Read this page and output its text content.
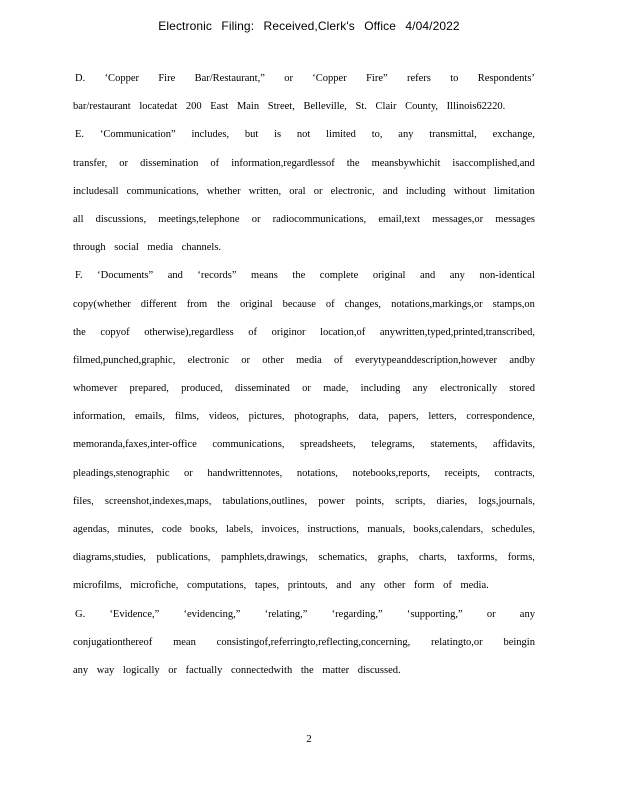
Electronic Filing: Received,Clerk's Office 4/04/2022
D. ‘Copper Fire Bar/Restaurant,” or ‘Copper Fire” refers to Respondents’
bar/restaurant locatedat 200 East Main Street, Belleville, St. Clair County, Illinois62220.
E. ‘Communication” includes, but is not limited to, any transmittal, exchange,
transfer, or dissemination of information,regardlessof the meansbywhichit isaccomplished,and
includesall communications, whether written, oral or electronic, and including without limitation
all discussions, meetings,telephone or radiocommunications, email,text messages,or messages
through social media channels.
F. ‘Documents” and ‘records” means the complete original and any non-identical
copy(whether different from the original because of changes, notations,markings,or stamps,on
the copyof otherwise),regardless of originor location,of anywritten,typed,printed,transcribed,
filmed,punched,graphic, electronic or other media of everytypeanddescription,however andby
whomever prepared, produced, disseminated or made, including any electronically stored
information, emails, films, videos, pictures, photographs, data, papers, letters, correspondence,
memoranda,faxes,inter-office communications, spreadsheets, telegrams, statements, affidavits,
pleadings,stenographic or handwrittennotes, notations, notebooks,reports, receipts, contracts,
files, screenshot,indexes,maps, tabulations,outlines, power points, scripts, diaries, logs,journals,
agendas, minutes, code books, labels, invoices, instructions, manuals, books,calendars, schedules,
diagrams,studies, publications, pamphlets,drawings, schematics, graphs, charts, taxforms, forms,
microfilms, microfiche, computations, tapes, printouts, and any other form of media.
G. ‘Evidence,” ‘evidencing,” ‘relating,” ‘regarding,” ‘supporting,” or any
conjugationthereof mean consistingof,referringto,reflecting,concerning, relatingto,or beingin
any way logically or factually connectedwith the matter discussed.
2
